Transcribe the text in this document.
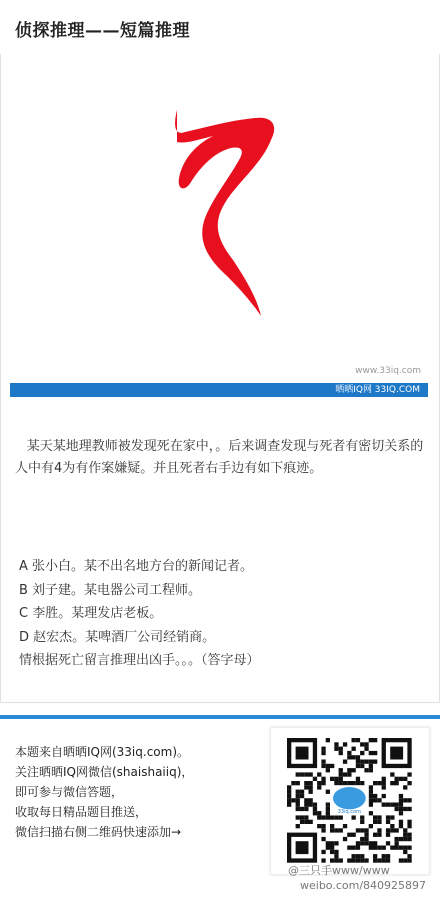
侦探推理——短篇推理
www.33iq.com
晒晒IQ网 33IQ.COM
某天某地理教师被发现死在家中，。后来调查发现与死者有密切关系的人中有4为有作案嫌疑。并且死者右手边有如下痕迹。
A 张小白。某不出名地方台的新闻记者。
B 刘子建。某电器公司工程师。
C 李胜。某理发店老板。
D 赵宏杰。某啤酒厂公司经销商。
情根据死亡留言推理出凶手。。。（答字母）
本题来自晒晒IQ网(33iq.com)。
关注晒晒IQ网微信(shaishaiiq)，
即可参与微信答题，
收取每日精品题目推送，
微信扫描右侧二维码快速添加→
33iq.com
@三只手www/www
weibo.com/840925897
